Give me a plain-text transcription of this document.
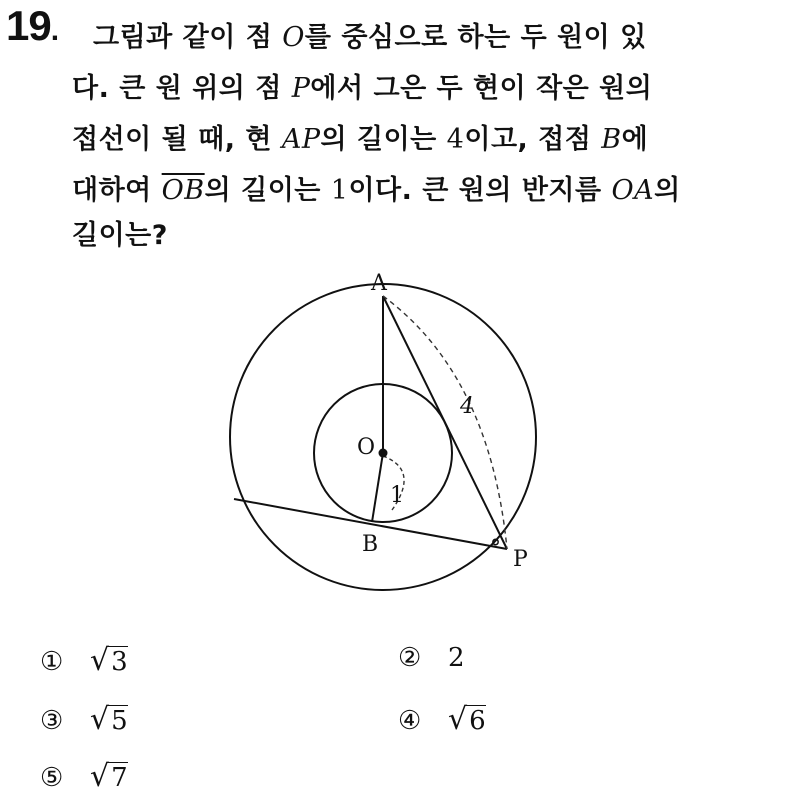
19. 그림과 같이 점 O를 중심으로 하는 두 원이 있
다. 큰 원 위의 점 P에서 그은 두 현이 작은 원의
접선이 될 때, 현 AP의 길이는 4이고, 접점 B에
대하여 $\overline{OB}$의 길이는 1이다. 큰 원의 반지름 OA의
길이는?
A
O
B
P
4
1
°
① √3	② 2
③ √5	④ √6
⑤ √7
